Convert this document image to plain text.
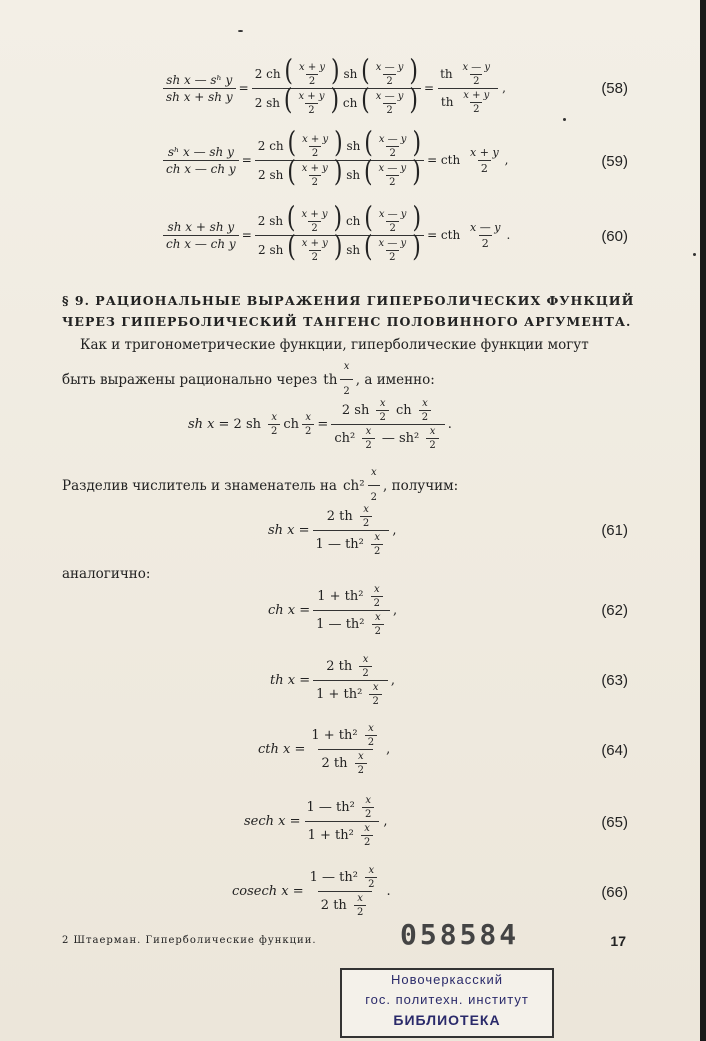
$\frac{\text{sh x — sʰ y}}{\text{sh x + sh y}} = \frac{2 ch ( \frac{x + y}{2} ) sh ( \frac{x — y}{2} )}{2 sh ( \frac{x + y}{2} ) ch ( \frac{x — y}{2} )} = \frac{th \frac{x — y}{2}}{th \frac{x + y}{2}}$ ,	(58)
$\frac{\text{sʰ x — sh y}}{\text{ch x — ch y}} = \frac{2 ch ( \frac{x + y}{2} ) sh ( \frac{x — y}{2} )}{2 sh ( \frac{x + y}{2} ) sh ( \frac{x — y}{2} )}$ = cth $\frac{x + y}{2}$ ,	(59)
$\frac{\text{sh x + sh y}}{\text{ch x — ch y}} = \frac{2 sh ( \frac{x + y}{2} ) ch ( \frac{x — y}{2} )}{2 sh ( \frac{x + y}{2} ) sh ( \frac{x — y}{2} )}$ = cth $\frac{x — y}{2}$ .	(60)
§ 9. РАЦИОНАЛЬНЫЕ ВЫРАЖЕНИЯ ГИПЕРБОЛИЧЕСКИХ ФУНКЦИЙ
ЧЕРЕЗ ГИПЕРБОЛИЧЕСКИЙ ТАНГЕНС ПОЛОВИННОГО АРГУМЕНТА.
Как и тригонометрические функции, гиперболические функции могут
быть выражены рационально через th $\frac{x}{2}$ , а именно:
sh x = 2 sh $\frac{x}{2}$ ch $\frac{x}{2} = \frac{2 sh \frac{x}{2} ch \frac{x}{2}}{ch^2 \frac{x}{2} — sh^2 \frac{x}{2}}$ .
Разделив числитель и знаменатель на $ch^2 \frac{x}{2}$ , получим:
sh $x = \frac{2 th \frac{x}{2}}{1 — th^2 \frac{x}{2}}$ ,	(61)
аналогично:
ch $x = \frac{1 + th^2 \frac{x}{2}}{1 — th^2 \frac{x}{2}}$ ,	(62)
th $x = \frac{2 th \frac{x}{2}}{1 + th^2 \frac{x}{2}}$ ,	(63)
cth $x = \frac{1 + th^2 \frac{x}{2}}{2 th \frac{x}{2}}$ ,	(64)
sech $x = \frac{1 — th^2 \frac{x}{2}}{1 + th^2 \frac{x}{2}}$ ,	(65)
cosech $x = \frac{1 — th^2 \frac{x}{2}}{2 th \frac{x}{2}}$ .	(66)
2 Штаерман. Гиперболические функции.	058584	17
Новочеркасский
гос. политехн. институт
БИБЛИОТЕКА
